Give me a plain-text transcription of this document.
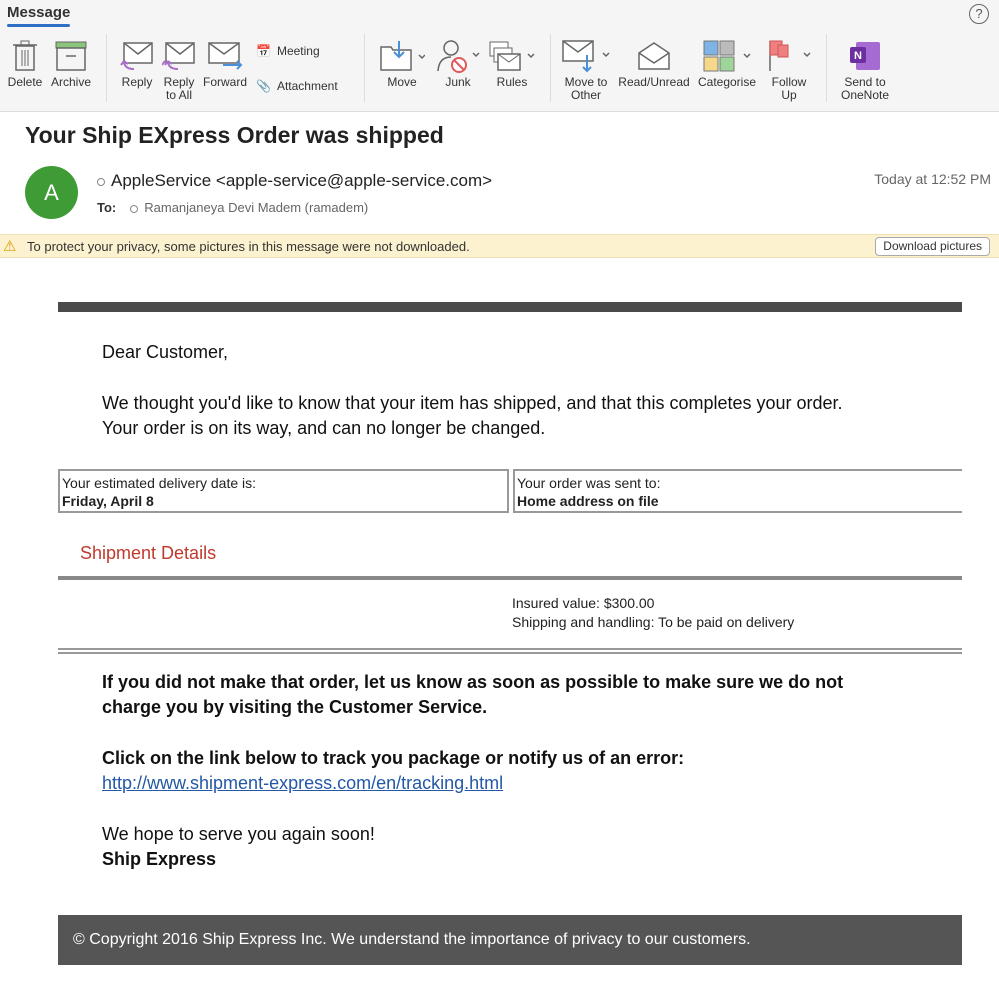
Message	?
Delete Archive	Reply Reply
to All
Forward
📅 Meeting
📎 Attachment	Move	Junk	Rules	Move to
Other
Read/Unread Categorise	Follow
Up
N
Send to
OneNote
Your Ship EXpress Order was shipped
A	AppleService <apple-service@apple-service.com>
To: Ramanjaneya Devi Madem (ramadem)
Today at 12:52 PM
⚠ To protect your privacy, some pictures in this message were not downloaded.	Download pictures
Dear Customer,
We thought you'd like to know that your item has shipped, and that this completes your order.
Your order is on its way, and can no longer be changed.
Your estimated delivery date is:
Friday, April 8
Your order was sent to:
Home address on file
Shipment Details
Insured value: $300.00
Shipping and handling: To be paid on delivery
If you did not make that order, let us know as soon as possible to make sure we do not
charge you by visiting the Customer Service.
Click on the link below to track you package or notify us of an error:
http://www.shipment-express.com/en/tracking.html
We hope to serve you again soon!
Ship Express
© Copyright 2016 Ship Express Inc. We understand the importance of privacy to our customers.
